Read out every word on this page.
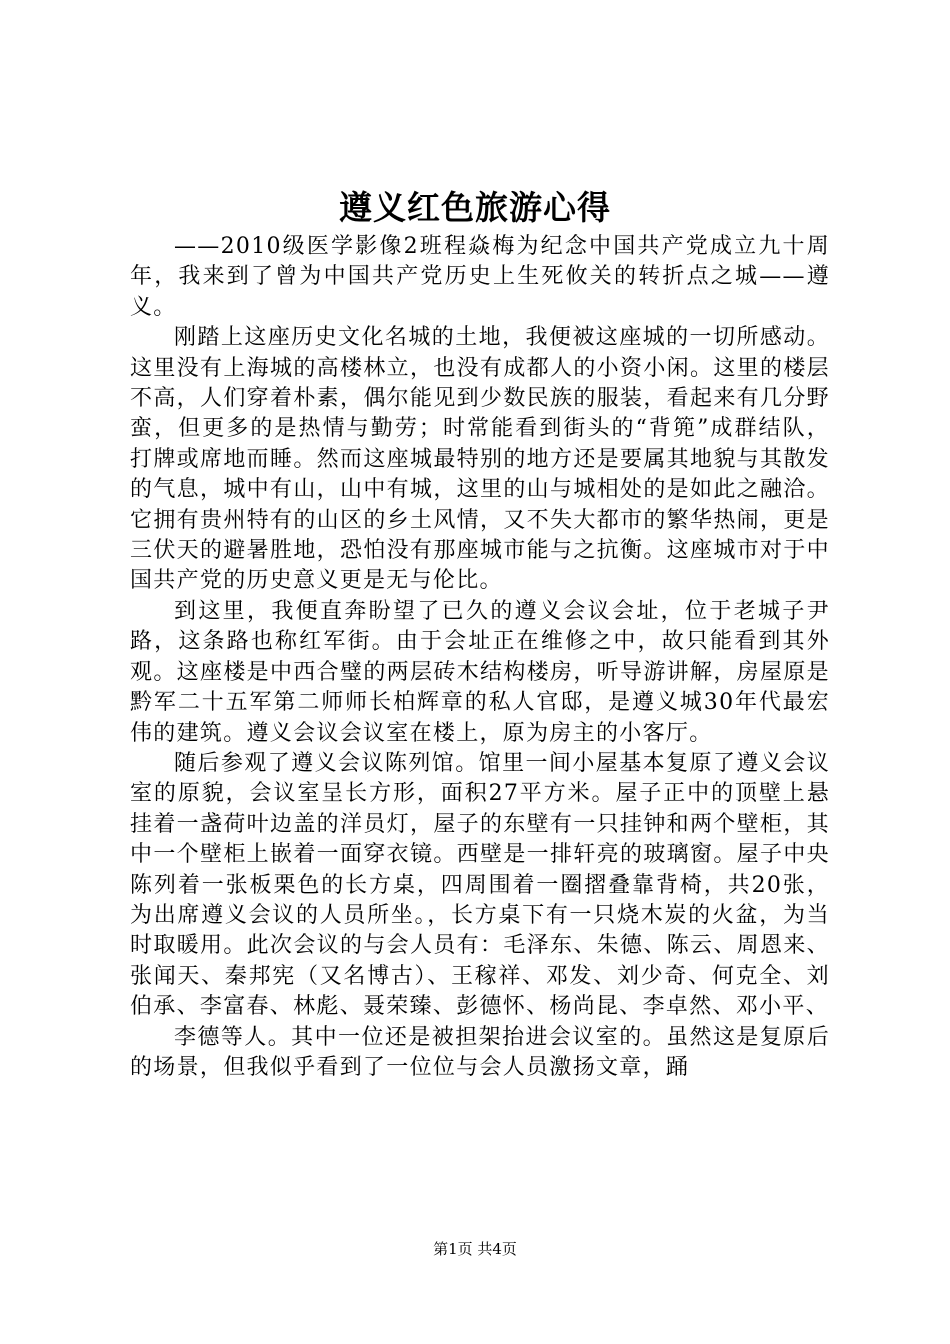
遵义红色旅游心得

——2010级医学影像2班程焱梅为纪念中国共产党成立九十周年，我来到了曾为中国共产党历史上生死攸关的转折点之城——遵义。

刚踏上这座历史文化名城的土地，我便被这座城的一切所感动。这里没有上海城的高楼林立，也没有成都人的小资小闲。这里的楼层不高，人们穿着朴素，偶尔能见到少数民族的服装，看起来有几分野蛮，但更多的是热情与勤劳；时常能看到街头的“背篼”成群结队，打牌或席地而睡。然而这座城最特别的地方还是要属其地貌与其散发的气息，城中有山，山中有城，这里的山与城相处的是如此之融洽。它拥有贵州特有的山区的乡土风情，又不失大都市的繁华热闹，更是三伏天的避暑胜地，恐怕没有那座城市能与之抗衡。这座城市对于中国共产党的历史意义更是无与伦比。

到这里，我便直奔盼望了已久的遵义会议会址，位于老城子尹路，这条路也称红军街。由于会址正在维修之中，故只能看到其外观。这座楼是中西合璧的两层砖木结构楼房，听导游讲解，房屋原是黔军二十五军第二师师长柏辉章的私人官邸，是遵义城30年代最宏伟的建筑。遵义会议会议室在楼上，原为房主的小客厅。

随后参观了遵义会议陈列馆。馆里一间小屋基本复原了遵义会议室的原貌，会议室呈长方形，面积27平方米。屋子正中的顶壁上悬挂着一盏荷叶边盖的洋员灯，屋子的东壁有一只挂钟和两个壁柜，其中一个壁柜上嵌着一面穿衣镜。西壁是一排轩亮的玻璃窗。屋子中央陈列着一张板栗色的长方桌，四周围着一圈摺叠靠背椅，共20张，为出席遵义会议的人员所坐。，长方桌下有一只烧木炭的火盆，为当时取暖用。此次会议的与会人员有：毛泽东、朱德、陈云、周恩来、张闻天、秦邦宪（又名博古）、王稼祥、邓发、刘少奇、何克全、刘伯承、李富春、林彪、聂荣臻、彭德怀、杨尚昆、李卓然、邓小平、

李德等人。其中一位还是被担架抬进会议室的。虽然这是复原后的场景，但我似乎看到了一位位与会人员激扬文章，踊

第1页 共4页
